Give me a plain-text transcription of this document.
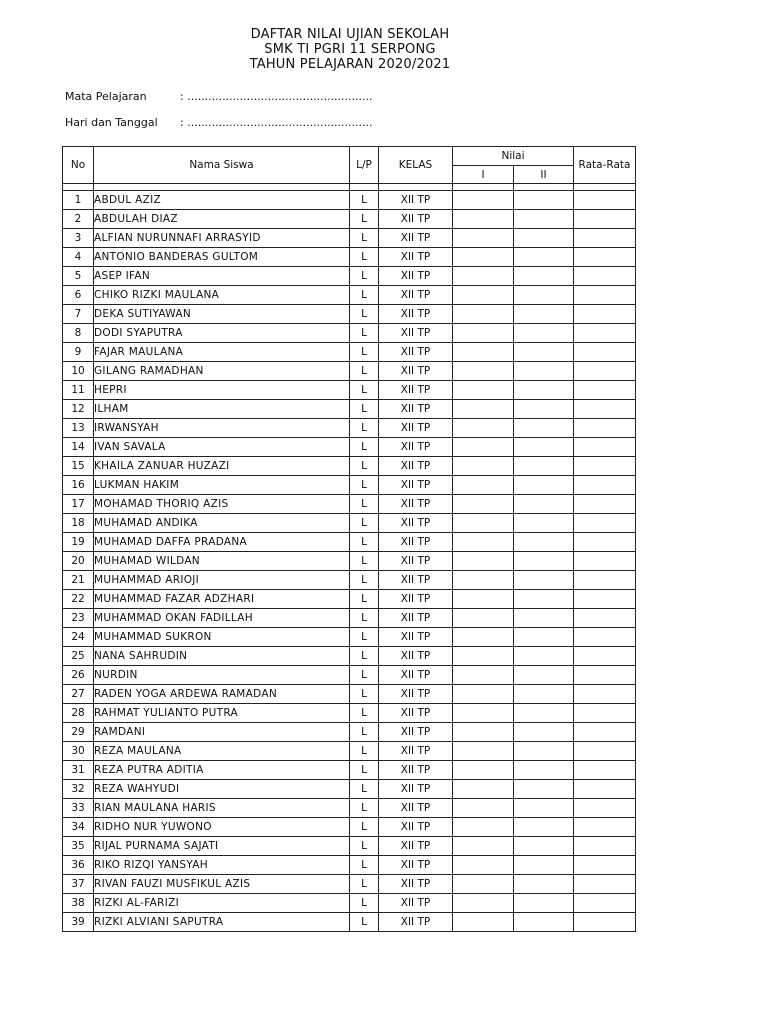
DAFTAR NILAI UJIAN SEKOLAH
SMK TI PGRI 11 SERPONG
TAHUN PELAJARAN 2020/2021
Mata Pelajaran	: .....................................................
Hari dan Tanggal : .....................................................
No	Nama Siswa	L/P	KELAS	Nilai		Rata-Rata
				I	II	

1	ABDUL AZIZ	L	XII TP			
2	ABDULAH DIAZ	L	XII TP			
3	ALFIAN NURUNNAFI ARRASYID	L	XII TP			
4	ANTONIO BANDERAS GULTOM	L	XII TP			
5	ASEP IFAN	L	XII TP			
6	CHIKO RIZKI MAULANA	L	XII TP			
7	DEKA SUTIYAWAN	L	XII TP			
8	DODI SYAPUTRA	L	XII TP			
9	FAJAR MAULANA	L	XII TP			
10	GILANG RAMADHAN	L	XII TP			
11	HEPRI	L	XII TP			
12	ILHAM	L	XII TP			
13	IRWANSYAH	L	XII TP			
14	IVAN SAVALA	L	XII TP			
15	KHAILA ZANUAR HUZAZI	L	XII TP			
16	LUKMAN HAKIM	L	XII TP			
17	MOHAMAD THORIQ AZIS	L	XII TP			
18	MUHAMAD ANDIKA	L	XII TP			
19	MUHAMAD DAFFA PRADANA	L	XII TP			
20	MUHAMAD WILDAN	L	XII TP			
21	MUHAMMAD ARIOJI	L	XII TP			
22	MUHAMMAD FAZAR ADZHARI	L	XII TP			
23	MUHAMMAD OKAN FADILLAH	L	XII TP			
24	MUHAMMAD SUKRON	L	XII TP			
25	NANA SAHRUDIN	L	XII TP			
26	NURDIN	L	XII TP			
27	RADEN YOGA ARDEWA RAMADAN	L	XII TP			
28	RAHMAT YULIANTO PUTRA	L	XII TP			
29	RAMDANI	L	XII TP			
30	REZA MAULANA	L	XII TP			
31	REZA PUTRA ADITIA	L	XII TP			
32	REZA WAHYUDI	L	XII TP			
33	RIAN MAULANA HARIS	L	XII TP			
34	RIDHO NUR YUWONO	L	XII TP			
35	RIJAL PURNAMA SAJATI	L	XII TP			
36	RIKO RIZQI YANSYAH	L	XII TP			
37	RIVAN FAUZI MUSFIKUL AZIS	L	XII TP			
38	RIZKI AL-FARIZI	L	XII TP			
39	RIZKI ALVIANI SAPUTRA	L	XII TP			
